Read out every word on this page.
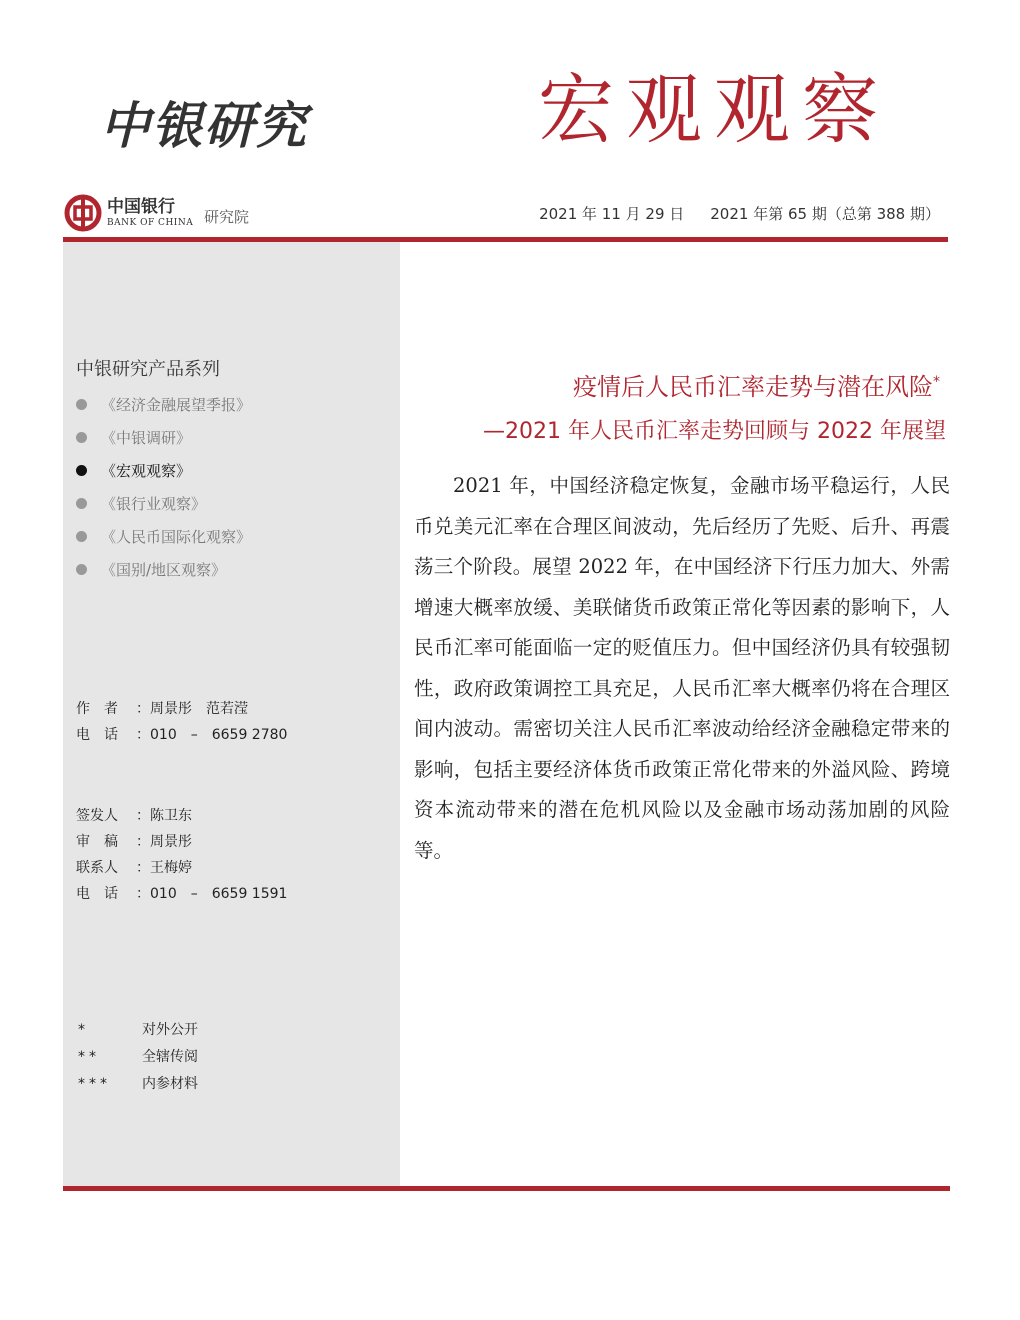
中银研究	宏观观察
中国银行
BANK OF CHINA 研究院	2021 年 11 月 29 日 2021 年第 65 期（总第 388 期）
中银研究产品系列
《经济金融展望季报》
《中银调研》
《宏观观察》
《银行业观察》
《人民币国际化观察》
《国别/地区观察》
作　者	： 周景彤　范若滢
电　话	： 010　–　6659 2780
签发人	： 陈卫东
审　稿	： 周景彤
联系人	： 王梅婷
电　话	： 010　–　6659 1591
*	对外公开
**	全辖传阅
***	内参材料
疫情后人民币汇率走势与潜在风险*
—2021 年人民币汇率走势回顾与 2022 年展望
2021 年，中国经济稳定恢复，金融市场平稳运行，人民币兑美元汇率在合理区间波动，先后经历了先贬、后升、再震荡三个阶段。展望 2022 年，在中国经济下行压力加大、外需增速大概率放缓、美联储货币政策正常化等因素的影响下，人民币汇率可能面临一定的贬值压力。但中国经济仍具有较强韧性，政府政策调控工具充足，人民币汇率大概率仍将在合理区间内波动。需密切关注人民币汇率波动给经济金融稳定带来的影响，包括主要经济体货币政策正常化带来的外溢风险、跨境资本流动带来的潜在危机风险以及金融市场动荡加剧的风险等。
